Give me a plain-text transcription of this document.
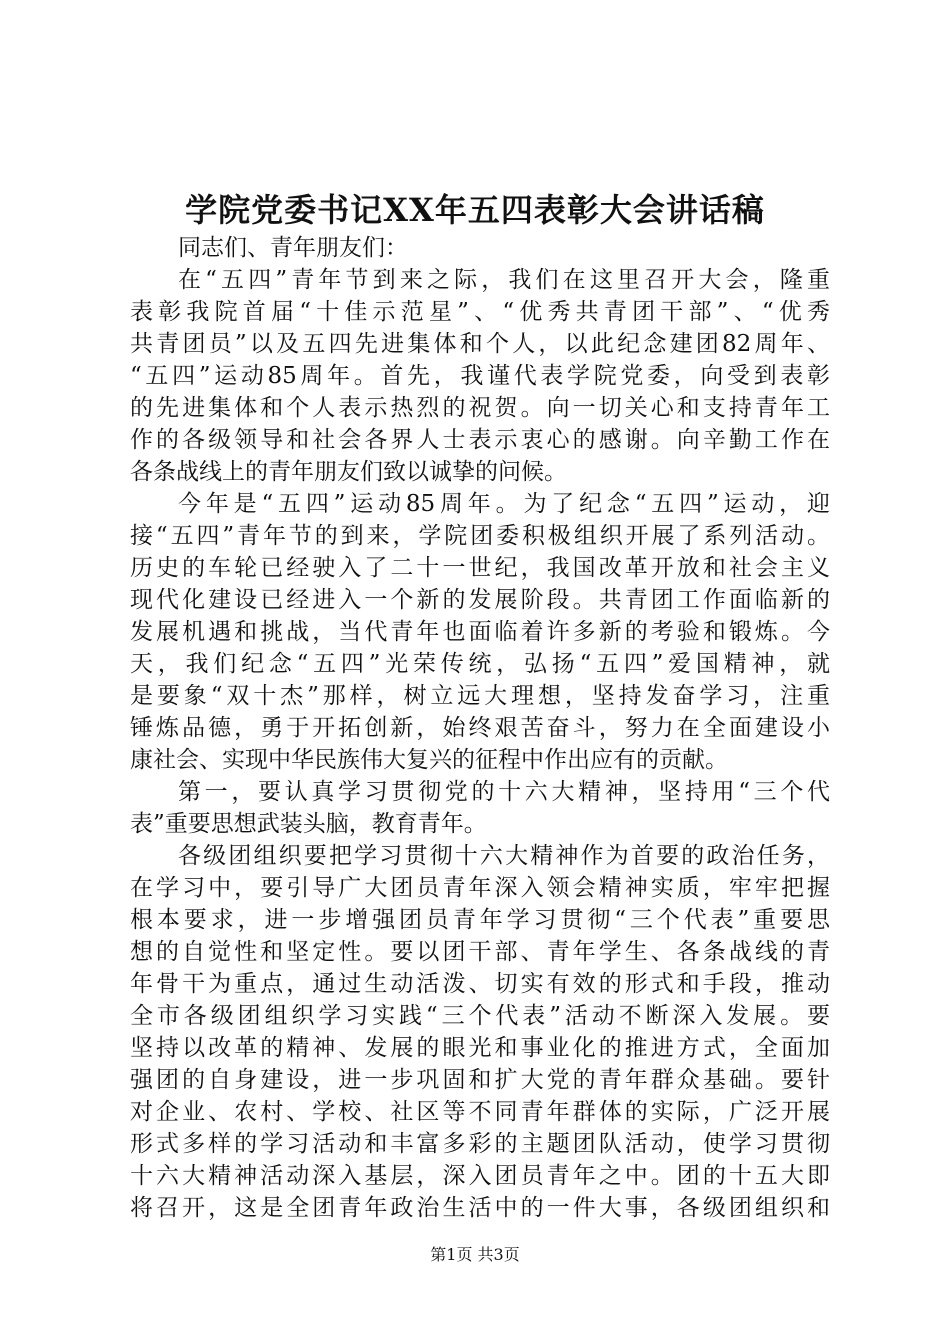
学院党委书记XX年五四表彰大会讲话稿
同志们、青年朋友们：
在“五四”青年节到来之际，我们在这里召开大会，隆重
表彰我院首届“十佳示范星”、“优秀共青团干部”、“优秀
共青团员”以及五四先进集体和个人，以此纪念建团82周年、
“五四”运动85周年。首先，我谨代表学院党委，向受到表彰
的先进集体和个人表示热烈的祝贺。向一切关心和支持青年工
作的各级领导和社会各界人士表示衷心的感谢。向辛勤工作在
各条战线上的青年朋友们致以诚挚的问候。
今年是“五四”运动85周年。为了纪念“五四”运动，迎
接“五四”青年节的到来，学院团委积极组织开展了系列活动。
历史的车轮已经驶入了二十一世纪，我国改革开放和社会主义
现代化建设已经进入一个新的发展阶段。共青团工作面临新的
发展机遇和挑战，当代青年也面临着许多新的考验和锻炼。今
天，我们纪念“五四”光荣传统，弘扬“五四”爱国精神，就
是要象“双十杰”那样，树立远大理想，坚持发奋学习，注重
锤炼品德，勇于开拓创新，始终艰苦奋斗，努力在全面建设小
康社会、实现中华民族伟大复兴的征程中作出应有的贡献。
第一，要认真学习贯彻党的十六大精神，坚持用“三个代
表”重要思想武装头脑，教育青年。
各级团组织要把学习贯彻十六大精神作为首要的政治任务，
在学习中，要引导广大团员青年深入领会精神实质，牢牢把握
根本要求，进一步增强团员青年学习贯彻“三个代表”重要思
想的自觉性和坚定性。要以团干部、青年学生、各条战线的青
年骨干为重点，通过生动活泼、切实有效的形式和手段，推动
全市各级团组织学习实践“三个代表”活动不断深入发展。要
坚持以改革的精神、发展的眼光和事业化的推进方式，全面加
强团的自身建设，进一步巩固和扩大党的青年群众基础。要针
对企业、农村、学校、社区等不同青年群体的实际，广泛开展
形式多样的学习活动和丰富多彩的主题团队活动，使学习贯彻
十六大精神活动深入基层，深入团员青年之中。团的十五大即
将召开，这是全团青年政治生活中的一件大事，各级团组织和
第1页 共3页
